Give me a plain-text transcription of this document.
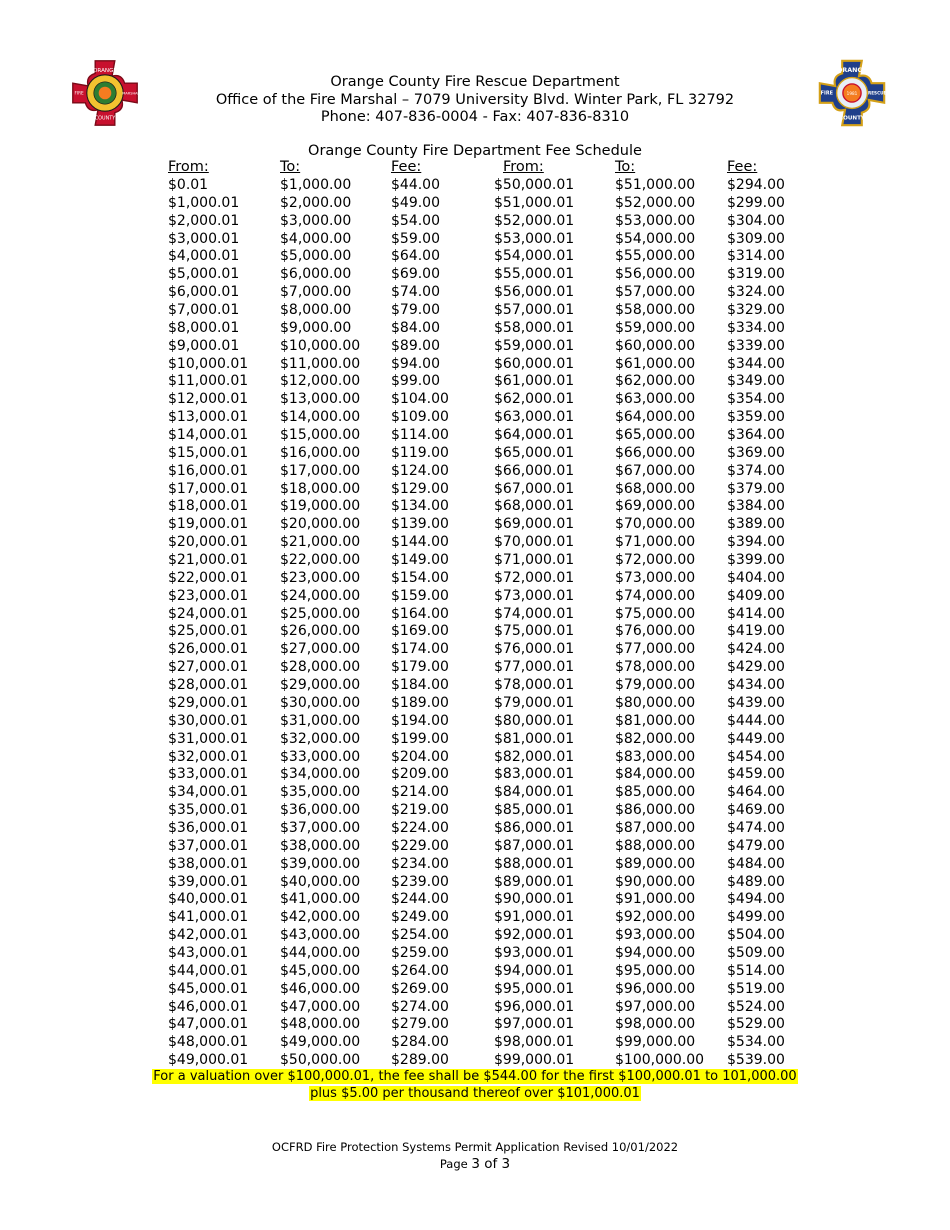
ORANGE
FIRE	MARSHAL
COUNTY
ORANGE
FIRE	RESCUE
COUNTY
1981
Orange County Fire Rescue Department
Office of the Fire Marshal – 7079 University Blvd. Winter Park, FL 32792
Phone: 407-836-0004 - Fax: 407-836-8310
Orange County Fire Department Fee Schedule
From:
$0.01
$1,000.01
$2,000.01
$3,000.01
$4,000.01
$5,000.01
$6,000.01
$7,000.01
$8,000.01
$9,000.01
$10,000.01
$11,000.01
$12,000.01
$13,000.01
$14,000.01
$15,000.01
$16,000.01
$17,000.01
$18,000.01
$19,000.01
$20,000.01
$21,000.01
$22,000.01
$23,000.01
$24,000.01
$25,000.01
$26,000.01
$27,000.01
$28,000.01
$29,000.01
$30,000.01
$31,000.01
$32,000.01
$33,000.01
$34,000.01
$35,000.01
$36,000.01
$37,000.01
$38,000.01
$39,000.01
$40,000.01
$41,000.01
$42,000.01
$43,000.01
$44,000.01
$45,000.01
$46,000.01
$47,000.01
$48,000.01
$49,000.01
To:
$1,000.00
$2,000.00
$3,000.00
$4,000.00
$5,000.00
$6,000.00
$7,000.00
$8,000.00
$9,000.00
$10,000.00
$11,000.00
$12,000.00
$13,000.00
$14,000.00
$15,000.00
$16,000.00
$17,000.00
$18,000.00
$19,000.00
$20,000.00
$21,000.00
$22,000.00
$23,000.00
$24,000.00
$25,000.00
$26,000.00
$27,000.00
$28,000.00
$29,000.00
$30,000.00
$31,000.00
$32,000.00
$33,000.00
$34,000.00
$35,000.00
$36,000.00
$37,000.00
$38,000.00
$39,000.00
$40,000.00
$41,000.00
$42,000.00
$43,000.00
$44,000.00
$45,000.00
$46,000.00
$47,000.00
$48,000.00
$49,000.00
$50,000.00
Fee:
$44.00
$49.00
$54.00
$59.00
$64.00
$69.00
$74.00
$79.00
$84.00
$89.00
$94.00
$99.00
$104.00
$109.00
$114.00
$119.00
$124.00
$129.00
$134.00
$139.00
$144.00
$149.00
$154.00
$159.00
$164.00
$169.00
$174.00
$179.00
$184.00
$189.00
$194.00
$199.00
$204.00
$209.00
$214.00
$219.00
$224.00
$229.00
$234.00
$239.00
$244.00
$249.00
$254.00
$259.00
$264.00
$269.00
$274.00
$279.00
$284.00
$289.00
From:
$50,000.01
$51,000.01
$52,000.01
$53,000.01
$54,000.01
$55,000.01
$56,000.01
$57,000.01
$58,000.01
$59,000.01
$60,000.01
$61,000.01
$62,000.01
$63,000.01
$64,000.01
$65,000.01
$66,000.01
$67,000.01
$68,000.01
$69,000.01
$70,000.01
$71,000.01
$72,000.01
$73,000.01
$74,000.01
$75,000.01
$76,000.01
$77,000.01
$78,000.01
$79,000.01
$80,000.01
$81,000.01
$82,000.01
$83,000.01
$84,000.01
$85,000.01
$86,000.01
$87,000.01
$88,000.01
$89,000.01
$90,000.01
$91,000.01
$92,000.01
$93,000.01
$94,000.01
$95,000.01
$96,000.01
$97,000.01
$98,000.01
$99,000.01
To:
$51,000.00
$52,000.00
$53,000.00
$54,000.00
$55,000.00
$56,000.00
$57,000.00
$58,000.00
$59,000.00
$60,000.00
$61,000.00
$62,000.00
$63,000.00
$64,000.00
$65,000.00
$66,000.00
$67,000.00
$68,000.00
$69,000.00
$70,000.00
$71,000.00
$72,000.00
$73,000.00
$74,000.00
$75,000.00
$76,000.00
$77,000.00
$78,000.00
$79,000.00
$80,000.00
$81,000.00
$82,000.00
$83,000.00
$84,000.00
$85,000.00
$86,000.00
$87,000.00
$88,000.00
$89,000.00
$90,000.00
$91,000.00
$92,000.00
$93,000.00
$94,000.00
$95,000.00
$96,000.00
$97,000.00
$98,000.00
$99,000.00
$100,000.00
Fee:
$294.00
$299.00
$304.00
$309.00
$314.00
$319.00
$324.00
$329.00
$334.00
$339.00
$344.00
$349.00
$354.00
$359.00
$364.00
$369.00
$374.00
$379.00
$384.00
$389.00
$394.00
$399.00
$404.00
$409.00
$414.00
$419.00
$424.00
$429.00
$434.00
$439.00
$444.00
$449.00
$454.00
$459.00
$464.00
$469.00
$474.00
$479.00
$484.00
$489.00
$494.00
$499.00
$504.00
$509.00
$514.00
$519.00
$524.00
$529.00
$534.00
$539.00
For a valuation over $100,000.01, the fee shall be $544.00 for the first $100,000.01 to 101,000.00
plus $5.00 per thousand thereof over $101,000.01
OCFRD Fire Protection Systems Permit Application Revised 10/01/2022
Page 3 of 3
